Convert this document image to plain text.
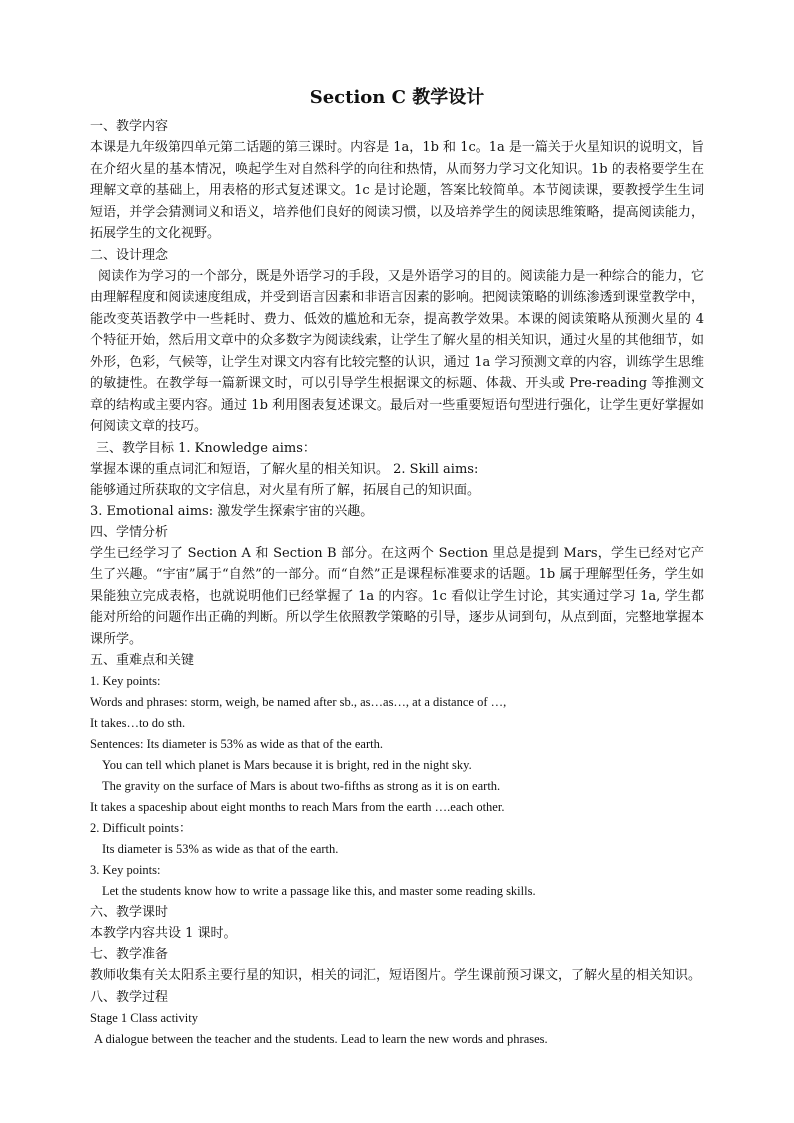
Section C 教学设计
一、教学内容
本课是九年级第四单元第二话题的第三课时。内容是 1a，1b 和 1c。1a 是一篇关于火星知识的说明文，旨在介绍火星的基本情况，唤起学生对自然科学的向往和热情，从而努力学习文化知识。1b 的表格要学生在理解文章的基础上，用表格的形式复述课文。1c 是讨论题，答案比较简单。本节阅读课，要教授学生生词短语，并学会猜测词义和语义，培养他们良好的阅读习惯，以及培养学生的阅读思维策略，提高阅读能力，拓展学生的文化视野。
二、设计理念
阅读作为学习的一个部分，既是外语学习的手段，又是外语学习的目的。阅读能力是一种综合的能力，它由理解程度和阅读速度组成，并受到语言因素和非语言因素的影响。把阅读策略的训练渗透到课堂教学中，能改变英语教学中一些耗时、费力、低效的尴尬和无奈，提高教学效果。本课的阅读策略从预测火星的 4 个特征开始，然后用文章中的众多数字为阅读线索，让学生了解火星的相关知识，通过火星的其他细节，如外形，色彩，气候等，让学生对课文内容有比较完整的认识，通过 1a 学习预测文章的内容，训练学生思维的敏捷性。在教学每一篇新课文时，可以引导学生根据课文的标题、体裁、开头或 Pre-reading 等推测文章的结构或主要内容。通过 1b 利用图表复述课文。最后对一些重要短语句型进行强化，让学生更好掌握如何阅读文章的技巧。
三、教学目标 1. Knowledge aims：
掌握本课的重点词汇和短语，了解火星的相关知识。 2. Skill aims:
能够通过所获取的文字信息，对火星有所了解，拓展自己的知识面。
3. Emotional aims: 激发学生探索宇宙的兴趣。
四、学情分析
学生已经学习了 Section A 和 Section B 部分。在这两个 Section 里总是提到 Mars，学生已经对它产生了兴趣。“宇宙”属于“自然”的一部分。而“自然”正是课程标准要求的话题。1b 属于理解型任务，学生如果能独立完成表格，也就说明他们已经掌握了 1a 的内容。1c 看似让学生讨论，其实通过学习 1a, 学生都能对所给的问题作出正确的判断。所以学生依照教学策略的引导，逐步从词到句，从点到面，完整地掌握本课所学。
五、重难点和关键
1. Key points:
Words and phrases: storm, weigh, be named after sb., as…as…, at a distance of …,
It takes…to do sth.
Sentences: Its diameter is 53% as wide as that of the earth.
You can tell which planet is Mars because it is bright, red in the night sky.
The gravity on the surface of Mars is about two-fifths as strong as it is on earth.
It takes a spaceship about eight months to reach Mars from the earth ….each other.
2. Difficult points：
Its diameter is 53% as wide as that of the earth.
3. Key points:
Let the students know how to write a passage like this, and master some reading skills.
六、教学课时
本教学内容共设 1 课时。
七、教学准备
教师收集有关太阳系主要行星的知识，相关的词汇，短语图片。学生课前预习课文，了解火星的相关知识。
八、教学过程
Stage 1 Class activity
A dialogue between the teacher and the students. Lead to learn the new words and phrases.
